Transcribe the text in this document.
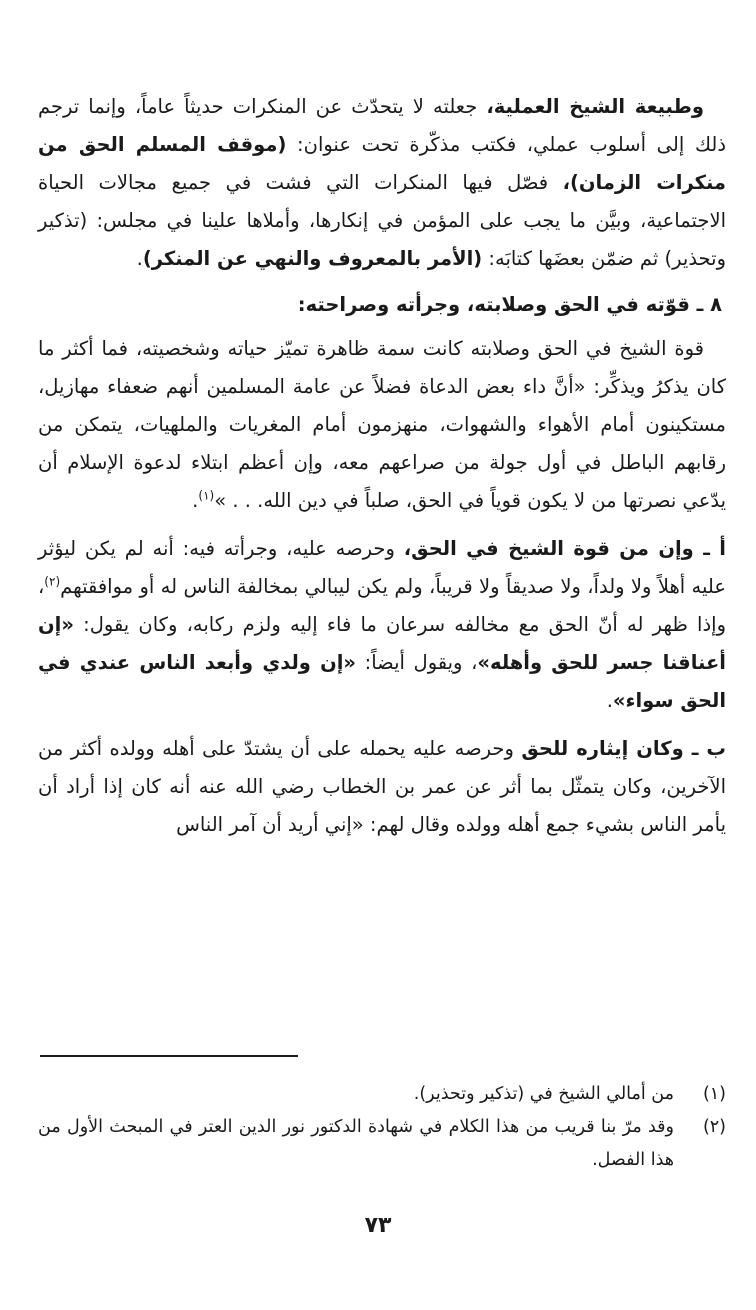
وطبيعة الشيخ العملية، جعلته لا يتحدّث عن المنكرات حديثاً عاماً، وإنما ترجم ذلك إلى أسلوب عملي، فكتب مذكّرة تحت عنوان: (موقف المسلم الحق من منكرات الزمان)، فصّل فيها المنكرات التي فشت في جميع مجالات الحياة الاجتماعية، وبيَّن ما يجب على المؤمن في إنكارها، وأملاها علينا في مجلس: (تذكير وتحذير) ثم ضمّن بعضَها كتابَه: (الأمر بالمعروف والنهي عن المنكر).

٨ ـ قوّته في الحق وصلابته، وجرأته وصراحته:

قوة الشيخ في الحق وصلابته كانت سمة ظاهرة تميّز حياته وشخصيته، فما أكثر ما كان يذكرُ ويذكِّر: «أنَّ داء بعض الدعاة فضلاً عن عامة المسلمين أنهم ضعفاء مهازيل، مستكينون أمام الأهواء والشهوات، منهزمون أمام المغريات والملهيات، يتمكن من رقابهم الباطل في أول جولة من صراعهم معه، وإن أعظم ابتلاء لدعوة الإسلام أن يدّعي نصرتها من لا يكون قوياً في الحق، صلباً في دين الله. . . »$^{(١)}$.

أ ـ وإن من قوة الشيخ في الحق، وحرصه عليه، وجرأته فيه: أنه لم يكن ليؤثر عليه أهلاً ولا ولداً، ولا صديقاً ولا قريباً، ولم يكن ليبالي بمخالفة الناس له أو موافقتهم$^{(٢)}$، وإذا ظهر له أنّ الحق مع مخالفه سرعان ما فاء إليه ولزم ركابه، وكان يقول: «إن أعناقنا جسر للحق وأهله»، ويقول أيضاً: «إن ولدي وأبعد الناس عندي في الحق سواء».

ب ـ وكان إيثاره للحق وحرصه عليه يحمله على أن يشتدّ على أهله وولده أكثر من الآخرين، وكان يتمثّل بما أثر عن عمر بن الخطاب رضي الله عنه أنه كان إذا أراد أن يأمر الناس بشيء جمع أهله وولده وقال لهم: «إني أريد أن آمر الناس

(١)
من أمالي الشيخ في (تذكير وتحذير).
(٢)
وقد مرّ بنا قريب من هذا الكلام في شهادة الدكتور نور الدين العتر في المبحث الأول من هذا الفصل.
٧٣
